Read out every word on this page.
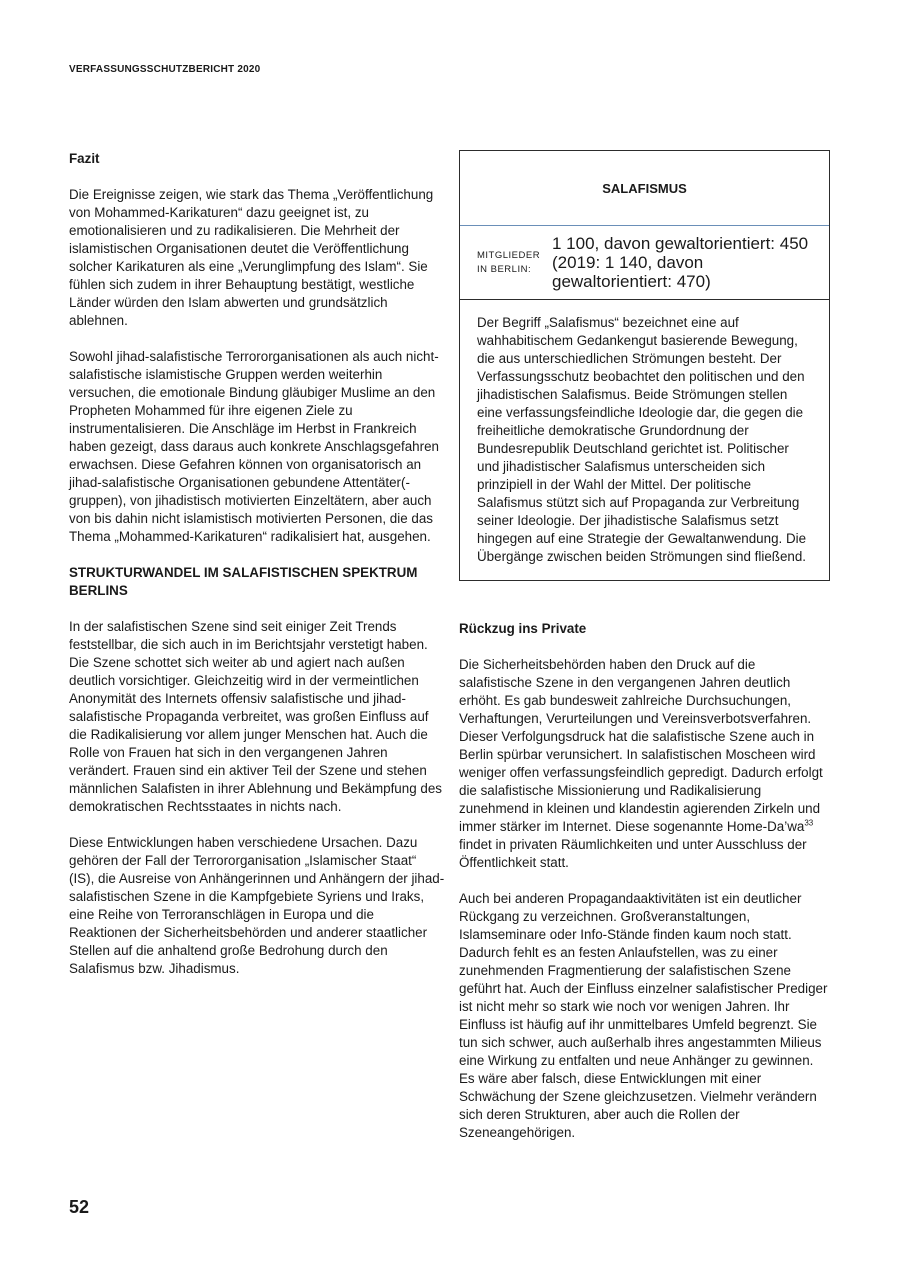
VERFASSUNGSSCHUTZBERICHT 2020
Fazit

Die Ereignisse zeigen, wie stark das Thema „Veröffentlichung von Mohammed-Karikaturen“ dazu geeignet ist, zu emotionalisieren und zu radikalisieren. Die Mehrheit der islamistischen Organisationen deutet die Veröffentlichung solcher Karikaturen als eine „Verunglimpfung des Islam“. Sie fühlen sich zudem in ihrer Behauptung bestätigt, westliche Länder würden den Islam abwerten und grundsätzlich ablehnen.

Sowohl jihad-salafistische Terrororganisationen als auch nicht-salafistische islamistische Gruppen werden weiterhin versuchen, die emotionale Bindung gläubiger Muslime an den Propheten Mohammed für ihre eigenen Ziele zu instrumentalisieren. Die Anschläge im Herbst in Frankreich haben gezeigt, dass daraus auch konkrete Anschlagsgefahren erwachsen. Diese Gefahren können von organisatorisch an jihad-salafistische Organisationen gebundene Attentäter(-gruppen), von jihadistisch motivierten Einzeltätern, aber auch von bis dahin nicht islamistisch motivierten Personen, die das Thema „Mohammed-Karikaturen“ radikalisiert hat, ausgehen.

STRUKTURWANDEL IM SALAFISTISCHEN SPEKTRUM BERLINS

In der salafistischen Szene sind seit einiger Zeit Trends feststellbar, die sich auch in im Berichtsjahr verstetigt haben. Die Szene schottet sich weiter ab und agiert nach außen deutlich vorsichtiger. Gleichzeitig wird in der vermeintlichen Anonymität des Internets offensiv salafistische und jihad-salafistische Propaganda verbreitet, was großen Einfluss auf die Radikalisierung vor allem junger Menschen hat. Auch die Rolle von Frauen hat sich in den vergangenen Jahren verändert. Frauen sind ein aktiver Teil der Szene und stehen männlichen Salafisten in ihrer Ablehnung und Bekämpfung des demokratischen Rechtsstaates in nichts nach.

Diese Entwicklungen haben verschiedene Ursachen. Dazu gehören der Fall der Terrororganisation „Islamischer Staat“ (IS), die Ausreise von Anhängerinnen und Anhängern der jihad-salafistischen Szene in die Kampfgebiete Syriens und Iraks, eine Reihe von Terroranschlägen in Europa und die Reaktionen der Sicherheitsbehörden und anderer staatlicher Stellen auf die anhaltend große Bedrohung durch den Salafismus bzw. Jihadismus.

SALAFISMUS
MITGLIEDER
IN BERLIN:
1 100, davon gewaltorientiert: 450 (2019: 1 140, davon gewaltorientiert: 470)

Der Begriff „Salafismus“ bezeichnet eine auf wahhabitischem Gedankengut basierende Bewegung, die aus unterschiedlichen Strömungen besteht. Der Verfassungsschutz beobachtet den politischen und den jihadistischen Salafismus. Beide Strömungen stellen eine verfassungsfeindliche Ideologie dar, die gegen die freiheitliche demokratische Grundordnung der Bundesrepublik Deutschland gerichtet ist. Politischer und jihadistischer Salafismus unterscheiden sich prinzipiell in der Wahl der Mittel. Der politische Salafismus stützt sich auf Propaganda zur Verbreitung seiner Ideologie. Der jihadistische Salafismus setzt hingegen auf eine Strategie der Gewaltanwendung. Die Übergänge zwischen beiden Strömungen sind fließend.

Rückzug ins Private

Die Sicherheitsbehörden haben den Druck auf die salafistische Szene in den vergangenen Jahren deutlich erhöht. Es gab bundesweit zahlreiche Durchsuchungen, Verhaftungen, Verurteilungen und Vereinsverbotsverfahren. Dieser Verfolgungsdruck hat die salafistische Szene auch in Berlin spürbar verunsichert. In salafistischen Moscheen wird weniger offen verfassungsfeindlich gepredigt. Dadurch erfolgt die salafistische Missionierung und Radikalisierung zunehmend in kleinen und klandestin agierenden Zirkeln und immer stärker im Internet. Diese sogenannte Home-$Da’wa^{33}$ findet in privaten Räumlichkeiten und unter Ausschluss der Öffentlichkeit statt.

Auch bei anderen Propagandaaktivitäten ist ein deutlicher Rückgang zu verzeichnen. Großveranstaltungen, Islamseminare oder Info-Stände finden kaum noch statt. Dadurch fehlt es an festen Anlaufstellen, was zu einer zunehmenden Fragmentierung der salafistischen Szene geführt hat. Auch der Einfluss einzelner salafistischer Prediger ist nicht mehr so stark wie noch vor wenigen Jahren. Ihr Einfluss ist häufig auf ihr unmittelbares Umfeld begrenzt. Sie tun sich schwer, auch außerhalb ihres angestammten Milieus eine Wirkung zu entfalten und neue Anhänger zu gewinnen. Es wäre aber falsch, diese Entwicklungen mit einer Schwächung der Szene gleichzusetzen. Vielmehr verändern sich deren Strukturen, aber auch die Rollen der Szeneangehörigen.

52
